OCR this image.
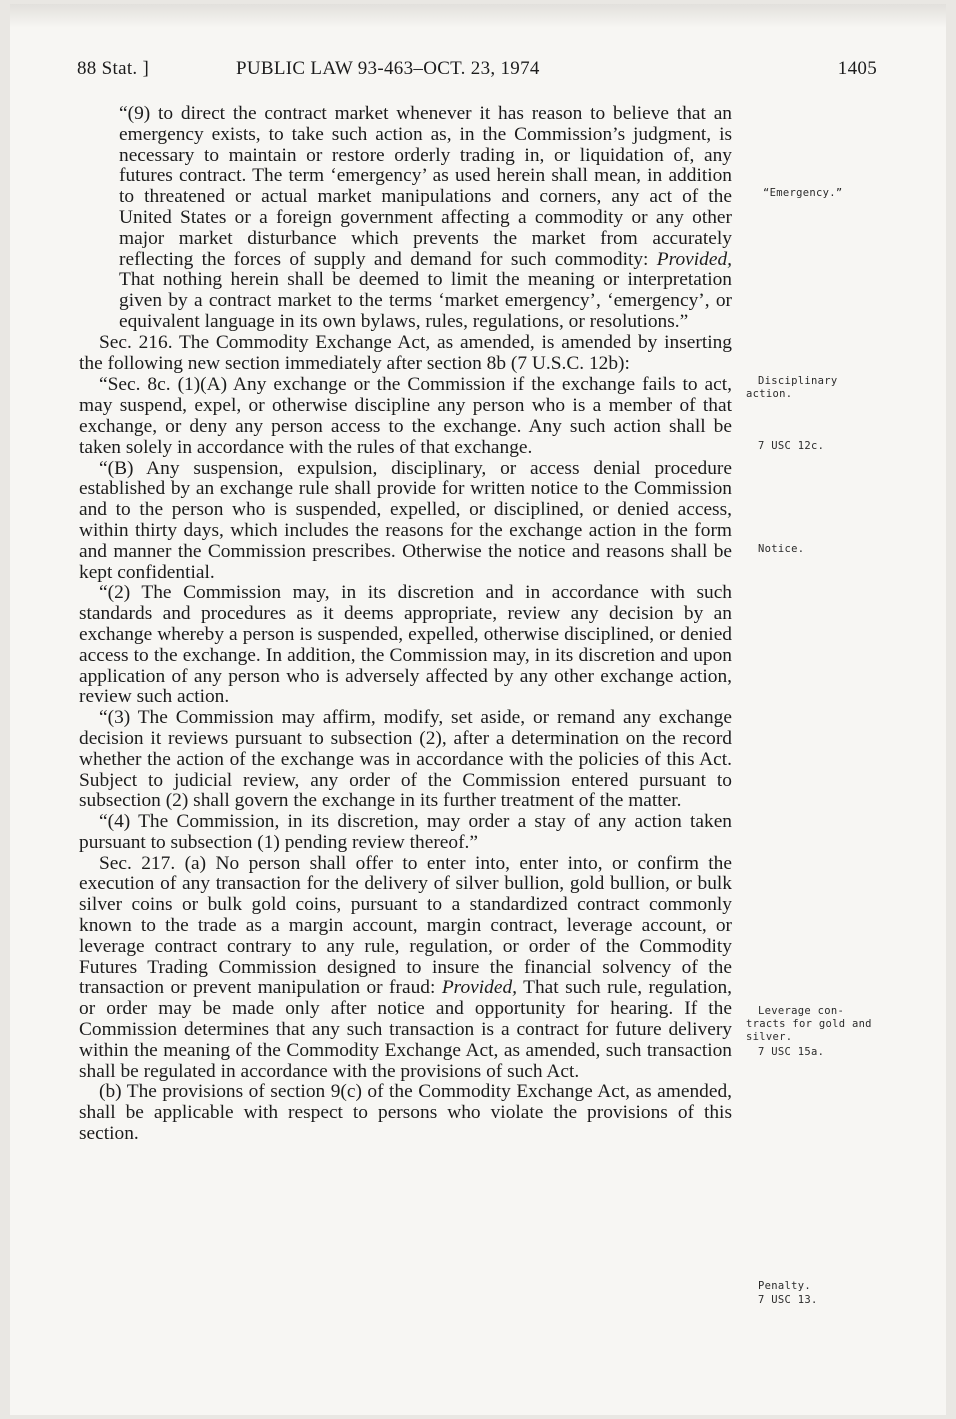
88 Stat. ]	PUBLIC LAW 93-463–OCT. 23, 1974	1405

“(9) to direct the contract market whenever it has reason to believe that an emergency exists, to take such action as, in the Commission’s judgment, is necessary to maintain or restore orderly trading in, or liquidation of, any futures contract. The term ‘emergency’ as used herein shall mean, in addition to threatened or actual market manipulations and corners, any act of the United States or a foreign government affecting a commodity or any other major market disturbance which prevents the market from accurately reflecting the forces of supply and demand for such commodity: Provided, That nothing herein shall be deemed to limit the meaning or interpretation given by a contract market to the terms ‘market emergency’, ‘emergency’, or equivalent language in its own bylaws, rules, regulations, or resolutions.”

Sec. 216. The Commodity Exchange Act, as amended, is amended by inserting the following new section immediately after section 8b (7 U.S.C. 12b):

“Sec. 8c. (1)(A) Any exchange or the Commission if the exchange fails to act, may suspend, expel, or otherwise discipline any person who is a member of that exchange, or deny any person access to the exchange. Any such action shall be taken solely in accordance with the rules of that exchange.

“(B) Any suspension, expulsion, disciplinary, or access denial procedure established by an exchange rule shall provide for written notice to the Commission and to the person who is suspended, expelled, or disciplined, or denied access, within thirty days, which includes the reasons for the exchange action in the form and manner the Commission prescribes. Otherwise the notice and reasons shall be kept confidential.

“(2) The Commission may, in its discretion and in accordance with such standards and procedures as it deems appropriate, review any decision by an exchange whereby a person is suspended, expelled, otherwise disciplined, or denied access to the exchange. In addition, the Commission may, in its discretion and upon application of any person who is adversely affected by any other exchange action, review such action.

“(3) The Commission may affirm, modify, set aside, or remand any exchange decision it reviews pursuant to subsection (2), after a determination on the record whether the action of the exchange was in accordance with the policies of this Act. Subject to judicial review, any order of the Commission entered pursuant to subsection (2) shall govern the exchange in its further treatment of the matter.

“(4) The Commission, in its discretion, may order a stay of any action taken pursuant to subsection (1) pending review thereof.”

Sec. 217. (a) No person shall offer to enter into, enter into, or confirm the execution of any transaction for the delivery of silver bullion, gold bullion, or bulk silver coins or bulk gold coins, pursuant to a standardized contract commonly known to the trade as a margin account, margin contract, leverage account, or leverage contract contrary to any rule, regulation, or order of the Commodity Futures Trading Commission designed to insure the financial solvency of the transaction or prevent manipulation or fraud: Provided, That such rule, regulation, or order may be made only after notice and opportunity for hearing. If the Commission determines that any such transaction is a contract for future delivery within the meaning of the Commodity Exchange Act, as amended, such transaction shall be regulated in accordance with the provisions of such Act.

(b) The provisions of section 9(c) of the Commodity Exchange Act, as amended, shall be applicable with respect to persons who violate the provisions of this section.

“Emergency.”
Disciplinary
action.
7 USC 12c.
Notice.
Leverage con-
tracts for gold and
silver.
7 USC 15a.
Penalty.
7 USC 13.
